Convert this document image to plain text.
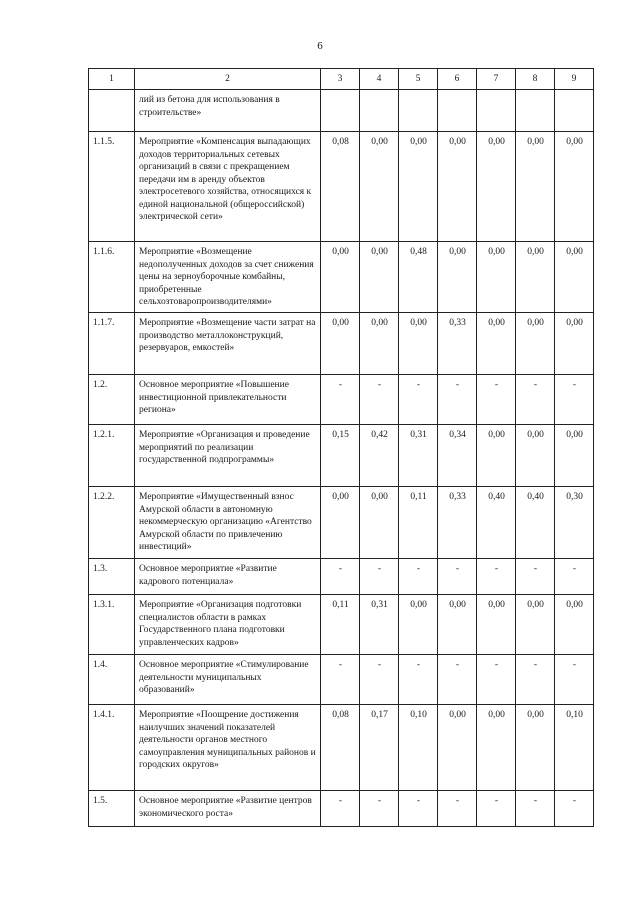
6
1	2	3	4	5	6	7	8	9
	лий из бетона для использования в строительстве»							
1.1.5.	Мероприятие «Компенсация выпадающих доходов территориальных сетевых организаций в связи с прекращением передачи им в аренду объектов электросетевого хозяйства, относящихся к единой национальной (общероссийской) электрической сети»	0,08	0,00	0,00	0,00	0,00	0,00	0,00
1.1.6.	Мероприятие «Возмещение недополученных доходов за счет снижения цены на зерноуборочные комбайны, приобретенные сельхозтоваропроизводителями»	0,00	0,00	0,48	0,00	0,00	0,00	0,00
1.1.7.	Мероприятие «Возмещение части затрат на производство металлоконструкций, резервуаров, емкостей»	0,00	0,00	0,00	0,33	0,00	0,00	0,00
1.2.	Основное мероприятие «Повышение инвестиционной привлекательности региона»	-	-	-	-	-	-	-
1.2.1.	Мероприятие «Организация и проведение мероприятий по реализации государственной подпрограммы»	0,15	0,42	0,31	0,34	0,00	0,00	0,00
1.2.2.	Мероприятие «Имущественный взнос Амурской области в автономную некоммерческую организацию «Агентство Амурской области по привлечению инвестиций»	0,00	0,00	0,11	0,33	0,40	0,40	0,30
1.3.	Основное мероприятие «Развитие кадрового потенциала»	-	-	-	-	-	-	-
1.3.1.	Мероприятие «Организация подготовки специалистов области в рамках Государственного плана подготовки управленческих кадров»	0,11	0,31	0,00	0,00	0,00	0,00	0,00
1.4.	Основное мероприятие «Стимулирование деятельности муниципальных образований»	-	-	-	-	-	-	-
1.4.1.	Мероприятие «Поощрение достижения наилучших значений показателей деятельности органов местного самоуправления муниципальных районов и городских округов»	0,08	0,17	0,10	0,00	0,00	0,00	0,10
1.5.	Основное мероприятие «Развитие центров экономического роста»	-	-	-	-	-	-	-
